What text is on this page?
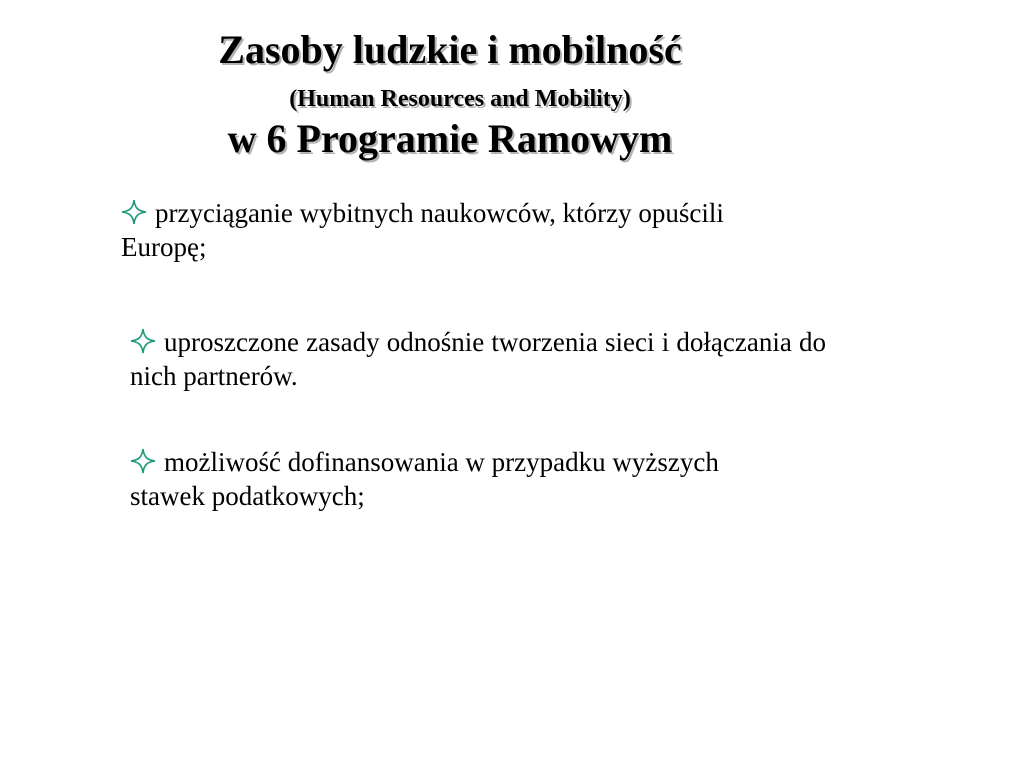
Zasoby ludzkie i mobilność
(Human Resources and Mobility)
w 6 Programie Ramowym
przyciąganie wybitnych naukowców, którzy opuścili Europę;
uproszczone zasady odnośnie tworzenia sieci i dołączania do nich partnerów.
możliwość dofinansowania w przypadku wyższych stawek podatkowych;
